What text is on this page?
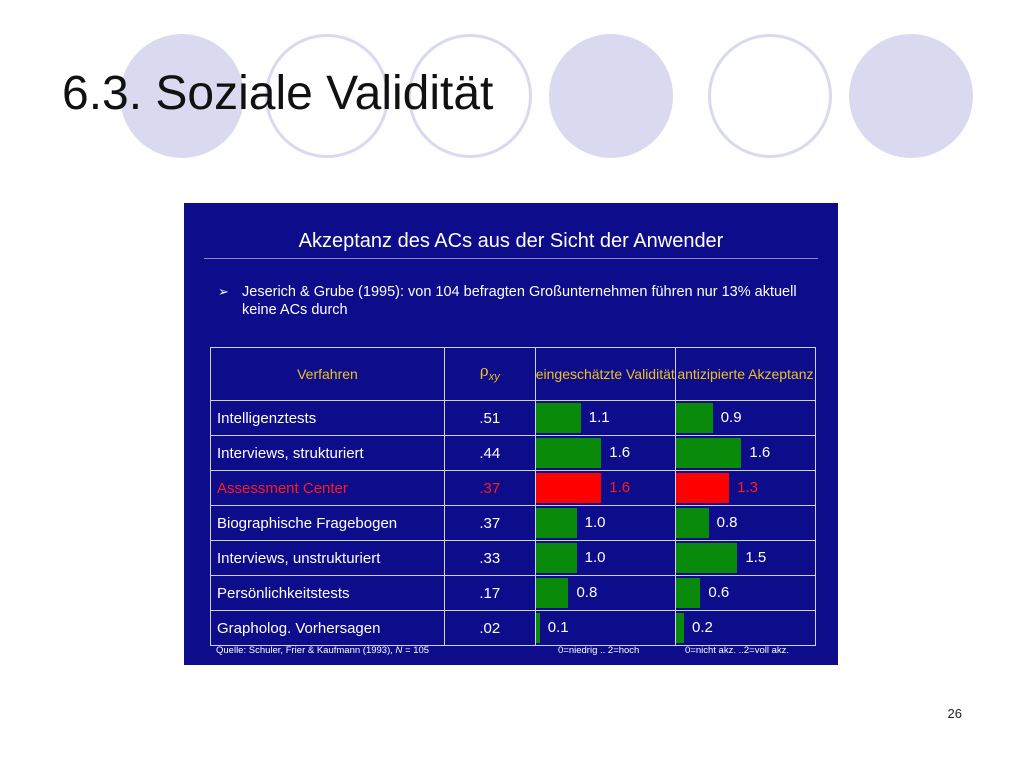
6.3. Soziale Validität
Akzeptanz des ACs aus der Sicht der Anwender
➢ Jeserich & Grube (1995): von 104 befragten Großunternehmen führen nur 13% aktuell keine ACs durch
Verfahren	$\rho_{xy}$	eingeschätzte Validität	antizipierte Akzeptanz
Intelligenztests	.51	1.1	0.9

Interviews, strukturiert	.44	1.6	1.6

Assessment Center	.37	1.6	1.3

Biographische Fragebogen	.37	1.0	0.8

Interviews, unstrukturiert	.33	1.0	1.5

Persönlichkeitstests	.17	0.8	0.6

Grapholog. Vorhersagen	.02	0.1	0.2
Quelle: Schuler, Frier & Kaufmann (1993), N = 105	0=niedrig .. 2=hoch	0=nicht akz. ..2=voll akz.
26
